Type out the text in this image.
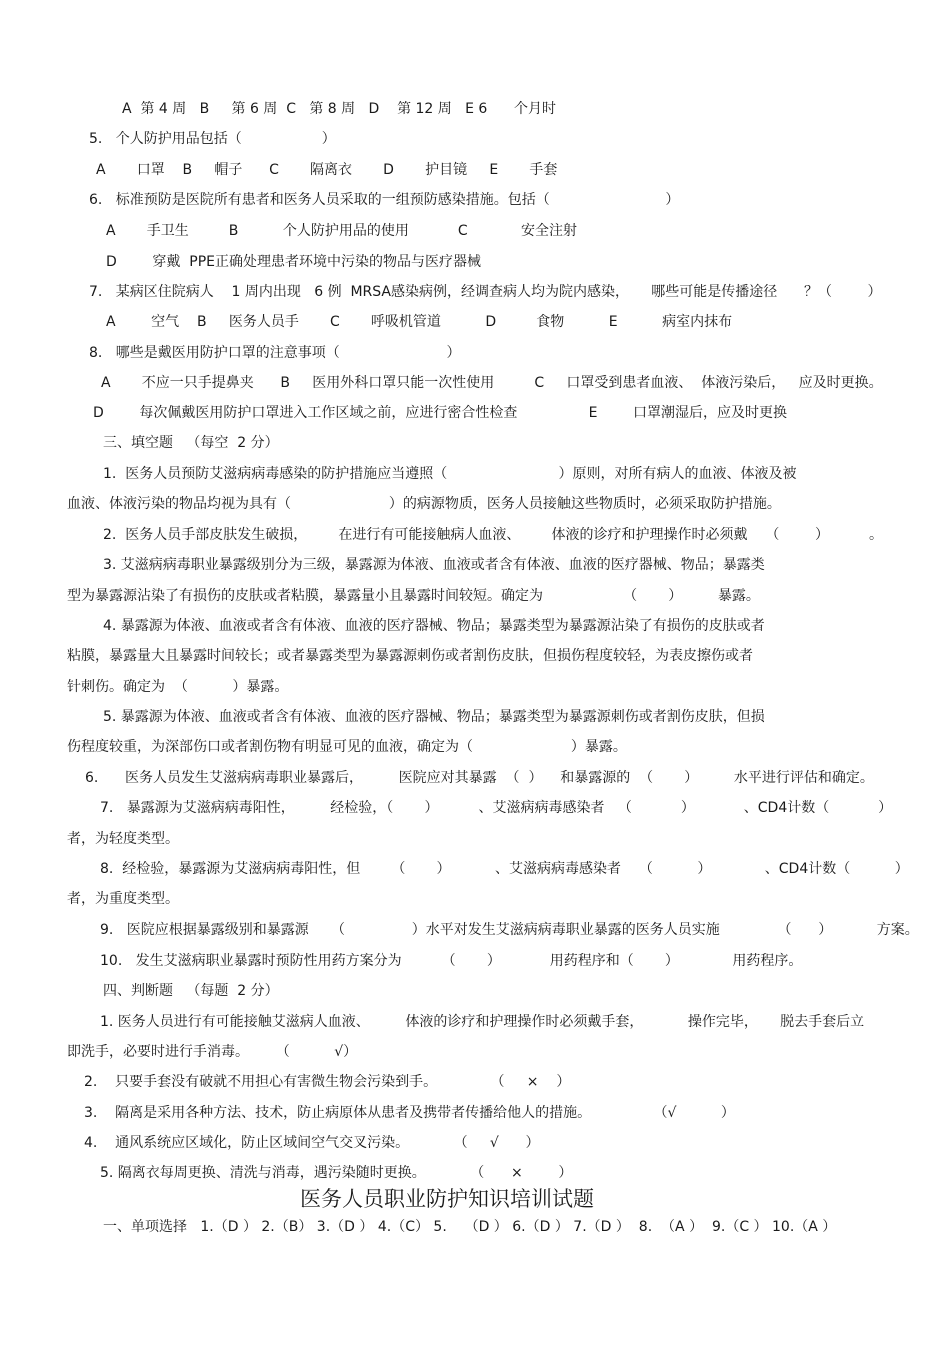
A  第 4 周   B     第 6 周  C   第 8 周   D    第 12 周   E 6      个月时
5.   个人防护用品包括（                  ）
A       口罩    B     帽子      C       隔离衣       D       护目镜     E       手套
6.   标准预防是医院所有患者和医务人员采取的一组预防感染措施。包括（                          ）
A       手卫生         B          个人防护用品的使用           C            安全注射
D        穿戴  PPE正确处理患者环境中污染的物品与医疗器械
7.   某病区住院病人    1 周内出现   6 例  MRSA感染病例，经调查病人均为院内感染，     哪些可能是传播途径      ？（        ）
A        空气    B     医务人员手       C       呼吸机管道          D         食物          E          病室内抹布
8.   哪些是戴医用防护口罩的注意事项（                        ）
A       不应一只手提鼻夹      B     医用外科口罩只能一次性使用         C     口罩受到患者血液、  体液污染后，   应及时更换。
D        每次佩戴医用防护口罩进入工作区域之前，应进行密合性检查                E        口罩潮湿后，应及时更换
三、填空题   （每空  2 分）
1.  医务人员预防艾滋病病毒感染的防护措施应当遵照（                         ）原则，对所有病人的血液、体液及被
血液、体液污染的物品均视为具有（                      ）的病源物质，医务人员接触这些物质时，必须采取防护措施。
2.  医务人员手部皮肤发生破损，       在进行有可能接触病人血液、       体液的诊疗和护理操作时必须戴    （        ）         。
3. 艾滋病病毒职业暴露级别分为三级，暴露源为体液、血液或者含有体液、血液的医疗器械、物品；暴露类
型为暴露源沾染了有损伤的皮肤或者粘膜，暴露量小且暴露时间较短。确定为                  （       ）        暴露。
4. 暴露源为体液、血液或者含有体液、血液的医疗器械、物品；暴露类型为暴露源沾染了有损伤的皮肤或者
粘膜，暴露量大且暴露时间较长；或者暴露类型为暴露源刺伤或者割伤皮肤，但损伤程度较轻，为表皮擦伤或者
针刺伤。确定为  （          ）暴露。
5. 暴露源为体液、血液或者含有体液、血液的医疗器械、物品；暴露类型为暴露源刺伤或者割伤皮肤，但损
伤程度较重，为深部伤口或者割伤物有明显可见的血液，确定为（                      ）暴露。
6.      医务人员发生艾滋病病毒职业暴露后，        医院应对其暴露  （  ）    和暴露源的  （       ）        水平进行评估和确定。
7.   暴露源为艾滋病病毒阳性，        经检验，（       ）         、艾滋病病毒感染者   （           ）           、CD4计数（           ）
者，为轻度类型。
8.  经检验，暴露源为艾滋病病毒阳性，但       （       ）          、艾滋病病毒感染者    （          ）            、CD4计数（          ）
者，为重度类型。
9.   医院应根据暴露级别和暴露源     （               ）水平对发生艾滋病病毒职业暴露的医务人员实施             （      ）          方案。
10.   发生艾滋病职业暴露时预防性用药方案分为         （       ）           用药程序和（       ）            用药程序。
四、判断题   （每题  2 分）
1. 医务人员进行有可能接触艾滋病人血液、        体液的诊疗和护理操作时必须戴手套，          操作完毕，     脱去手套后立
即洗手，必要时进行手消毒。      （          √）
2.    只要手套没有破就不用担心有害微生物会污染到手。            （     ×    ）
3.    隔离是采用各种方法、技术，防止病原体从患者及携带者传播给他人的措施。              （√          ）
4.    通风系统应区域化，防止区域间空气交叉污染。          （     √      ）
5. 隔离衣每周更换、清洗与消毒，遇污染随时更换。          （      ×        ）
医务人员职业防护知识培训试题
一、单项选择   1.（D ） 2.（B） 3.（D ） 4.（C） 5.    （D ） 6.（D ） 7.（D ）  8.  （A ）  9.（C ） 10.（A ）
